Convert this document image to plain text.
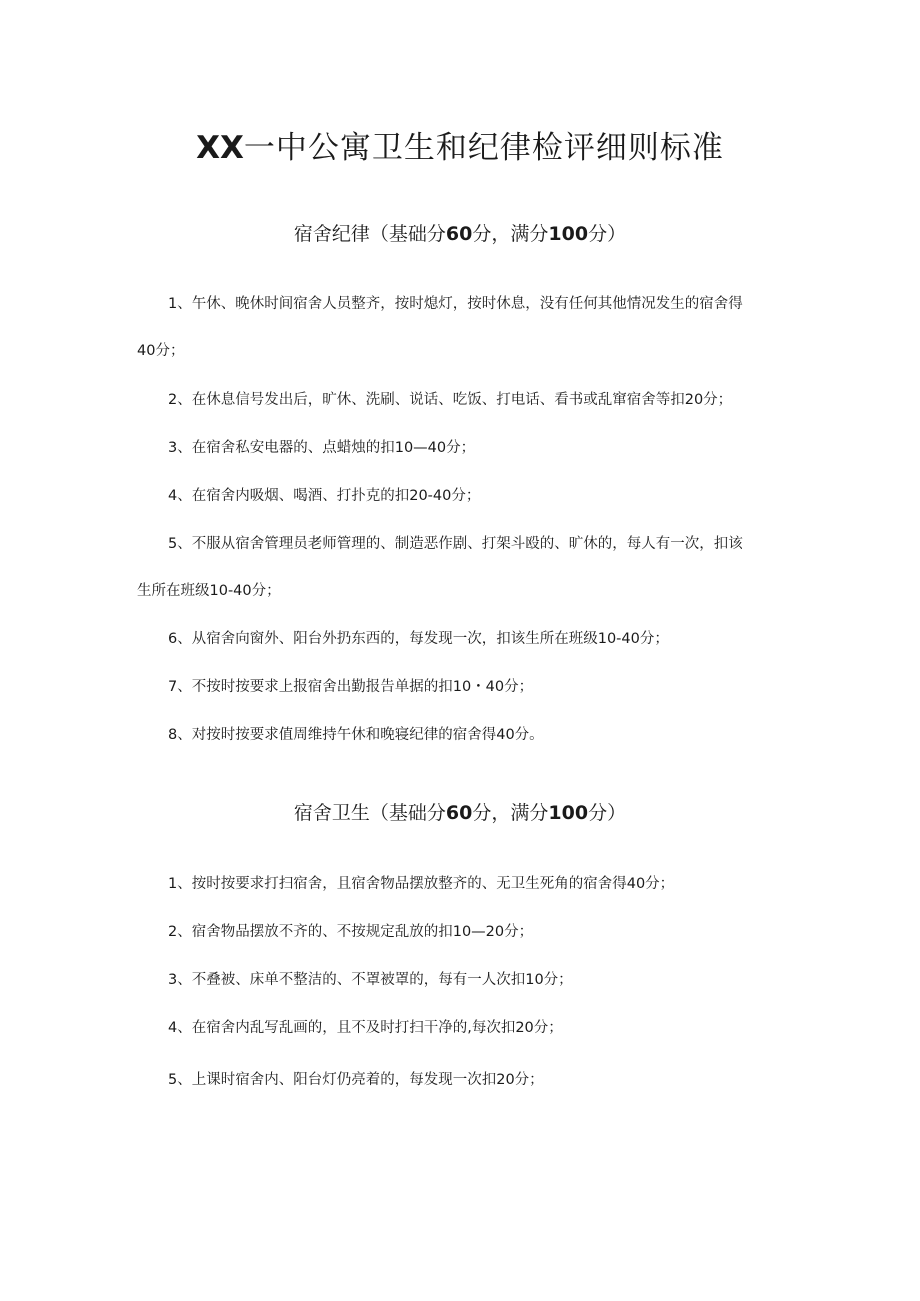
XX一中公寓卫生和纪律检评细则标准
宿舍纪律（基础分60分，满分100分）
1、午休、晚休时间宿舍人员整齐，按时熄灯，按时休息，没有任何其他情况发生的宿舍得
40分；
2、在休息信号发出后，旷休、洗刷、说话、吃饭、打电话、看书或乱窜宿舍等扣20分；
3、在宿舍私安电器的、点蜡烛的扣10—40分；
4、在宿舍内吸烟、喝酒、打扑克的扣20-40分；
5、不服从宿舍管理员老师管理的、制造恶作剧、打架斗殴的、旷休的，每人有一次，扣该
生所在班级10-40分；
6、从宿舍向窗外、阳台外扔东西的，每发现一次，扣该生所在班级10-40分；
7、不按时按要求上报宿舍出勤报告单据的扣10・40分；
8、对按时按要求值周维持午休和晚寝纪律的宿舍得40分。
宿舍卫生（基础分60分，满分100分）
1、按时按要求打扫宿舍，且宿舍物品摆放整齐的、无卫生死角的宿舍得40分；
2、宿舍物品摆放不齐的、不按规定乱放的扣10—20分；
3、不叠被、床单不整洁的、不罩被罩的，每有一人次扣10分；
4、在宿舍内乱写乱画的，且不及时打扫干净的,每次扣20分；
5、上课时宿舍内、阳台灯仍亮着的，每发现一次扣20分；
